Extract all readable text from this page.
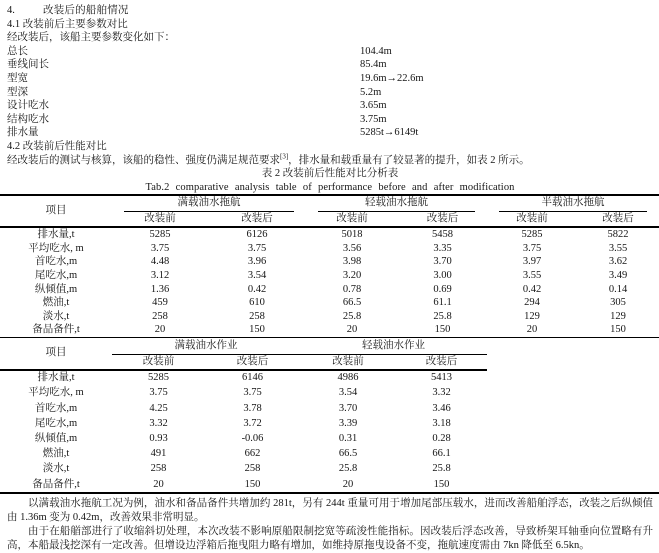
4.	改装后的船舶情况
4.1 改装前后主要参数对比
经改装后，该船主要参数变化如下：
总长	104.4m
垂线间长	85.4m
型宽	19.6m→22.6m
型深	5.2m
设计吃水	3.65m
结构吃水	3.75m
排水量	5285t→6149t
4.2 改装前后性能对比
经改装后的测试与核算，该船的稳性、强度仍满足规范要求[3]，排水量和载重量有了较显著的提升，如表 2 所示。
表 2 改装前后性能对比分析表
Tab.2 comparative analysis table of performance before and after modification
项目	满载油水拖航		轻载油水拖航		半载油水拖航	

	改装前	改装后	改装前	改装后	改装前	改装后
排水量,t	5285	6126	5018	5458	5285	5822
平均吃水, m	3.75	3.75	3.56	3.35	3.75	3.55
首吃水,m	4.48	3.96	3.98	3.70	3.97	3.62
尾吃水,m	3.12	3.54	3.20	3.00	3.55	3.49
纵倾值,m	1.36	0.42	0.78	0.69	0.42	0.14
燃油,t	459	610	66.5	61.1	294	305
淡水,t	258	258	25.8	25.8	129	129
备品备件,t	20	150	20	150	20	150
项目	满载油水作业		轻载油水作业		
	改装前	改装后	改装前	改装后	
排水量,t	5285	6146	4986	5413	
平均吃水, m	3.75	3.75	3.54	3.32	
首吃水,m	4.25	3.78	3.70	3.46	
尾吃水,m	3.32	3.72	3.39	3.18	
纵倾值,m	0.93	-0.06	0.31	0.28	
燃油,t	491	662	66.5	66.1	
淡水,t	258	258	25.8	25.8	
备品备件,t	20	150	20	150	

以满载油水拖航工况为例，油水和备品备件共增加约 281t，另有 244t 重量可用于增加尾部压载水，进而改善船舶浮态，改装之后纵倾值由 1.36m 变为 0.42m，改善效果非常明显。

由于在船艏部进行了收缩斜切处理，本次改装不影响原船限制挖宽等疏浚性能指标。因改装后浮态改善，导致桥架耳轴垂向位置略有升高，本船最浅挖深有一定改善。但增设边浮箱后拖曳阻力略有增加，如维持原拖曳设备不变，拖航速度需由 7kn 降低至 6.5kn。
